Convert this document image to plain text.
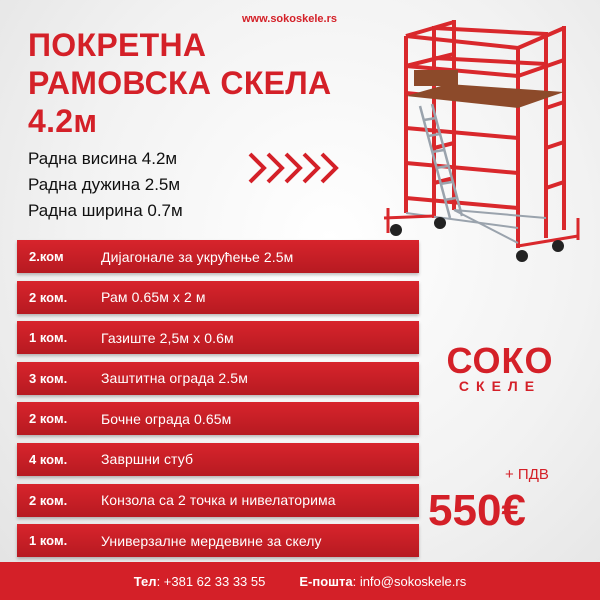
www.sokoskele.rs
ПОКРЕТНА
РАМОВСКА СКЕЛА
4.2м
Радна висина 4.2м
Радна дужина 2.5м
Радна ширина 0.7м
2.ком	Дијагонале за укрућење 2.5м
2 ком.	Рам 0.65м x 2 м
1 ком.	Газиште 2,5м x 0.6м
3 ком.	Заштитна ограда 2.5м
2 ком.	Бочне ограда 0.65м
4 ком.	Завршни стуб
2 ком.	Конзола са 2 точка и нивелаторима
1 ком.	Универзалне мердевине за скелу
СОКО
СКЕЛЕ
+ ПДВ
550€
Тел: +381 62 33 33 55	Е-пошта: info@sokoskele.rs
